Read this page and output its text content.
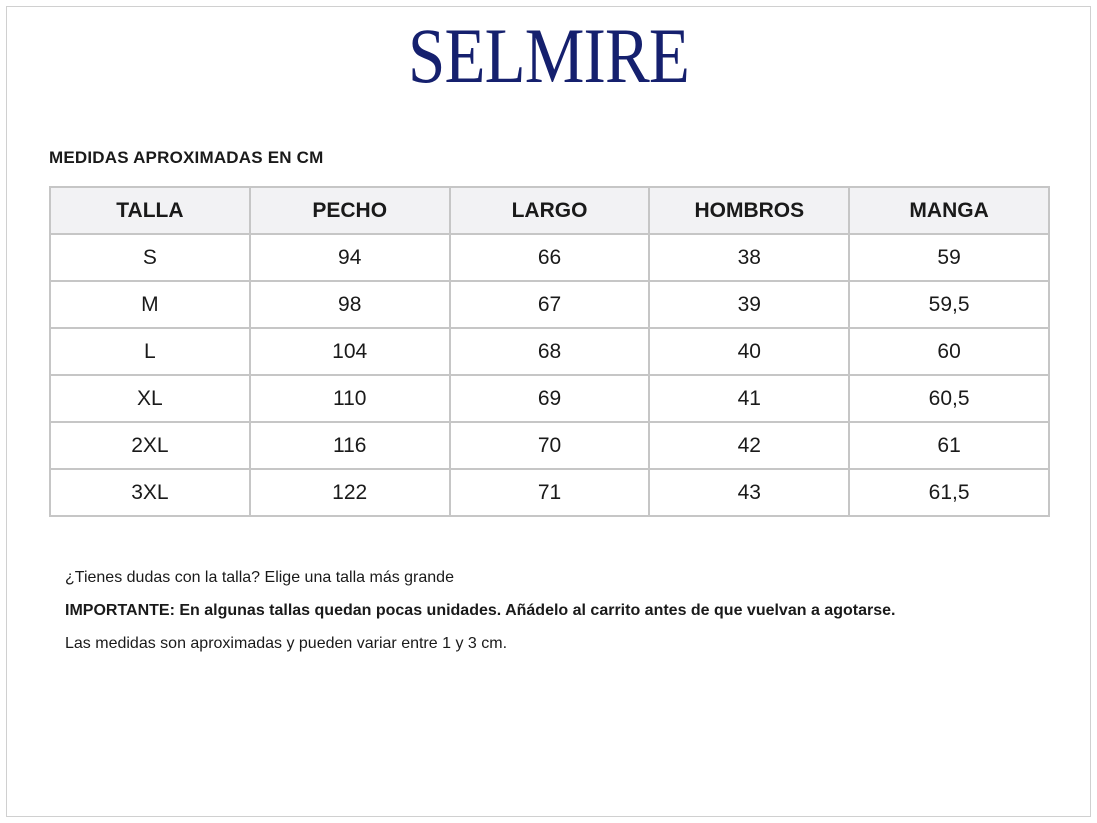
SELMIRE
MEDIDAS APROXIMADAS EN CM
TALLA	PECHO	LARGO	HOMBROS	MANGA
S	94	66	38	59
M	98	67	39	59,5
L	104	68	40	60
XL	110	69	41	60,5
2XL	116	70	42	61
3XL	122	71	43	61,5

¿Tienes dudas con la talla? Elige una talla más grande

IMPORTANTE: En algunas tallas quedan pocas unidades. Añádelo al carrito antes de que vuelvan a agotarse.

Las medidas son aproximadas y pueden variar entre 1 y 3 cm.
